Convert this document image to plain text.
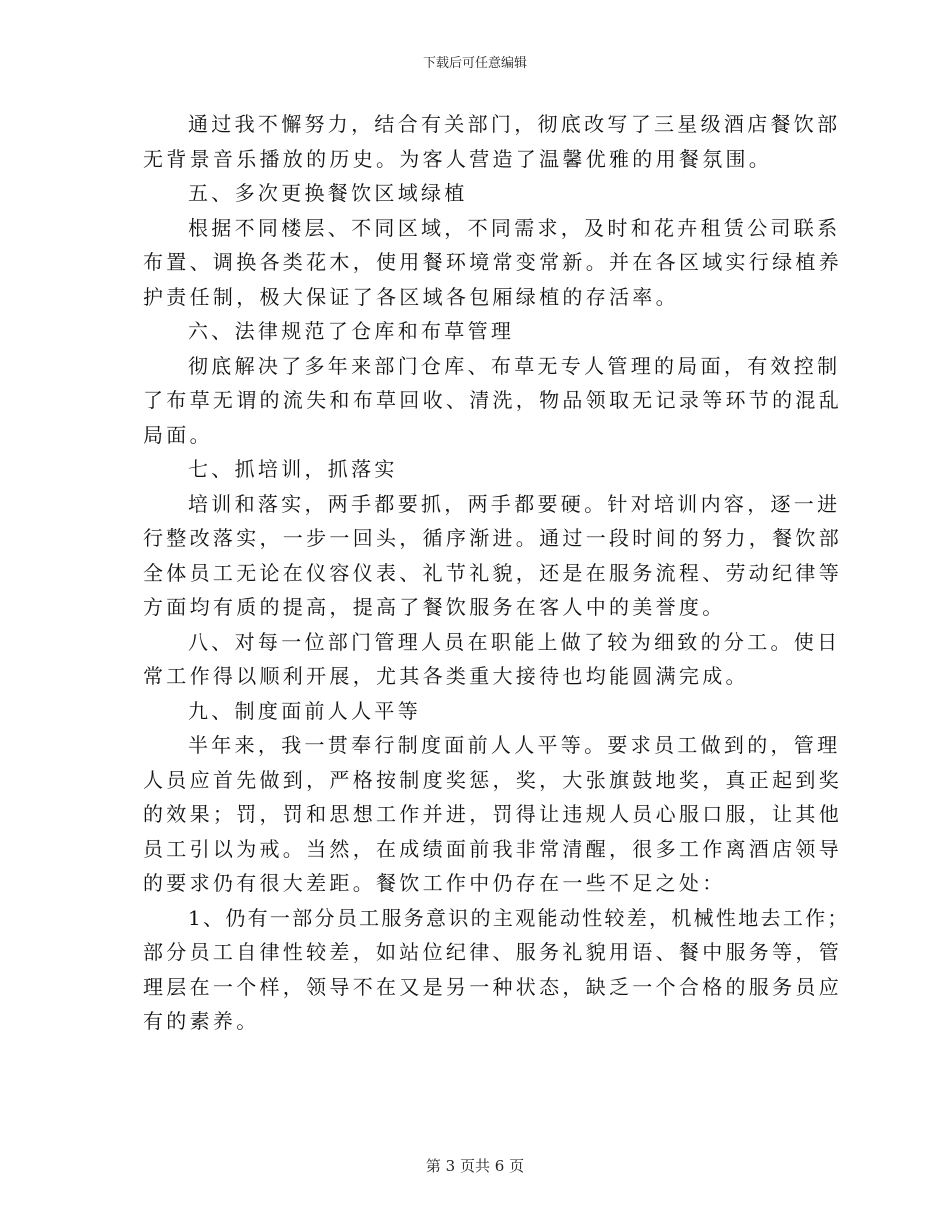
下载后可任意编辑
通过我不懈努力，结合有关部门，彻底改写了三星级酒店餐饮部
无背景音乐播放的历史。为客人营造了温馨优雅的用餐氛围。
五、多次更换餐饮区域绿植
根据不同楼层、不同区域，不同需求，及时和花卉租赁公司联系
布置、调换各类花木，使用餐环境常变常新。并在各区域实行绿植养
护责任制，极大保证了各区域各包厢绿植的存活率。
六、法律规范了仓库和布草管理
彻底解决了多年来部门仓库、布草无专人管理的局面，有效控制
了布草无谓的流失和布草回收、清洗，物品领取无记录等环节的混乱
局面。
七、抓培训，抓落实
培训和落实，两手都要抓，两手都要硬。针对培训内容，逐一进
行整改落实，一步一回头，循序渐进。通过一段时间的努力，餐饮部
全体员工无论在仪容仪表、礼节礼貌，还是在服务流程、劳动纪律等
方面均有质的提高，提高了餐饮服务在客人中的美誉度。
八、对每一位部门管理人员在职能上做了较为细致的分工。使日
常工作得以顺利开展，尤其各类重大接待也均能圆满完成。
九、制度面前人人平等
半年来，我一贯奉行制度面前人人平等。要求员工做到的，管理
人员应首先做到，严格按制度奖惩，奖，大张旗鼓地奖，真正起到奖
的效果；罚，罚和思想工作并进，罚得让违规人员心服口服，让其他
员工引以为戒。当然，在成绩面前我非常清醒，很多工作离酒店领导
的要求仍有很大差距。餐饮工作中仍存在一些不足之处：
1、仍有一部分员工服务意识的主观能动性较差，机械性地去工作；
部分员工自律性较差，如站位纪律、服务礼貌用语、餐中服务等，管
理层在一个样，领导不在又是另一种状态，缺乏一个合格的服务员应
有的素养。
第 3 页共 6 页
